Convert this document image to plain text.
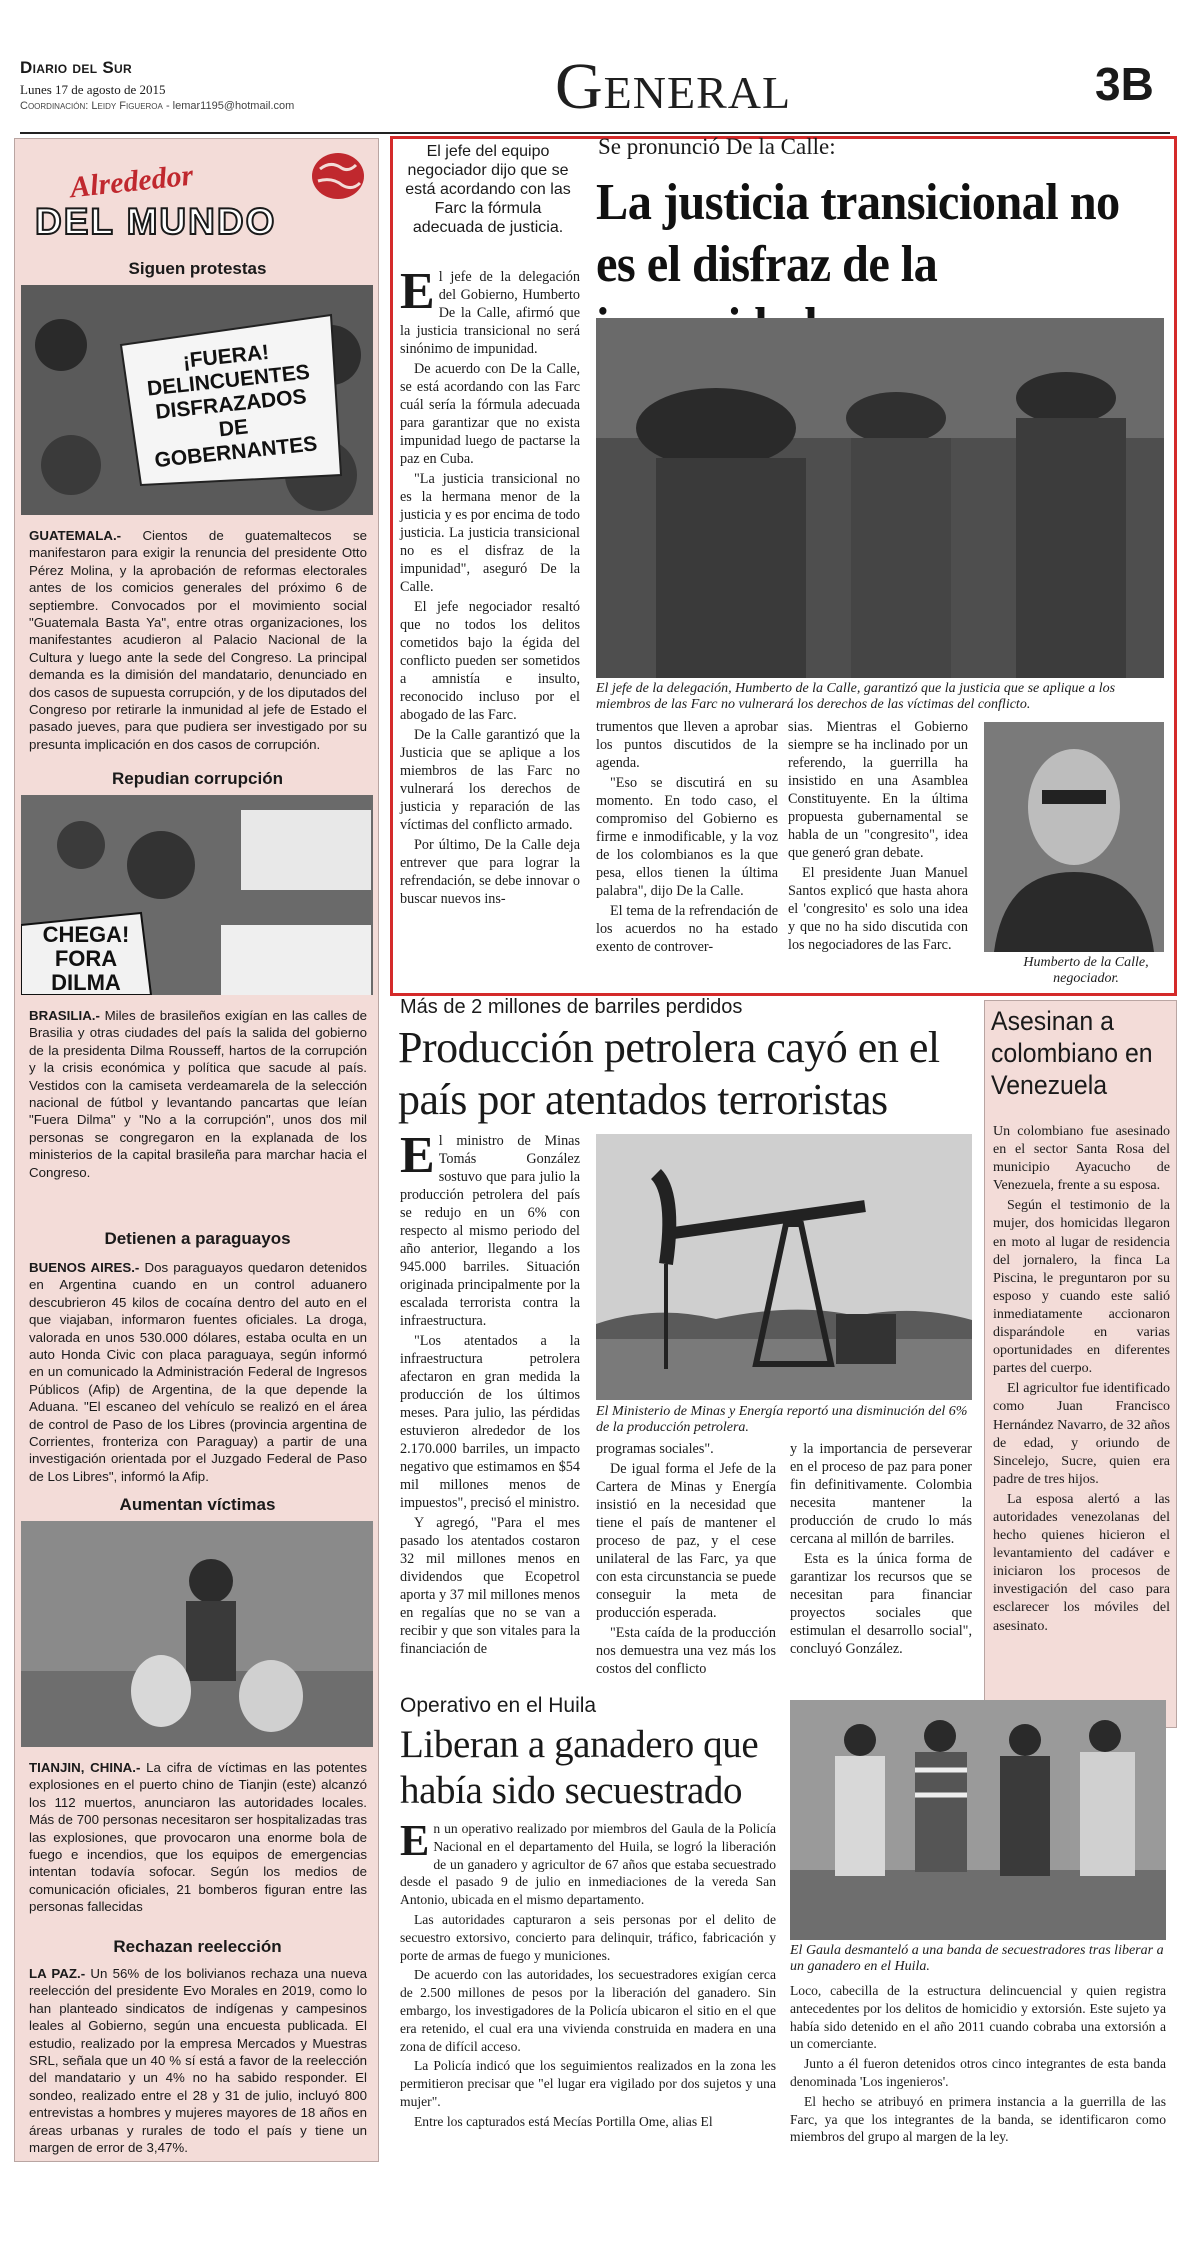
Diario del Sur
Lunes 17 de agosto de 2015
Coordinación: Leidy Figueroa - lemar1195@hotmail.com	General	3B
Alrededor
DEL MUNDO
Siguen protestas
¡FUERA! DELINCUENTES DISFRAZADOS DE GOBERNANTES
GUATEMALA.- Cientos de guatemaltecos se manifestaron para exigir la renuncia del presidente Otto Pérez Molina, y la aprobación de reformas electorales antes de los comicios generales del próximo 6 de septiembre. Convocados por el movimiento social "Guatemala Basta Ya", entre otras organizaciones, los manifestantes acudieron al Palacio Nacional de la Cultura y luego ante la sede del Congreso. La principal demanda es la dimisión del mandatario, denunciado en dos casos de supuesta corrupción, y de los diputados del Congreso por retirarle la inmunidad al jefe de Estado el pasado jueves, para que pudiera ser investigado por su presunta implicación en dos casos de corrupción.
Repudian corrupción
CHEGA! FORA DILMA
BRASILIA.- Miles de brasileños exigían en las calles de Brasilia y otras ciudades del país la salida del gobierno de la presidenta Dilma Rousseff, hartos de la corrupción y la crisis económica y política que sacude al país. Vestidos con la camiseta verdeamarela de la selección nacional de fútbol y levantando pancartas que leían "Fuera Dilma" y "No a la corrupción", unos dos mil personas se congregaron en la explanada de los ministerios de la capital brasileña para marchar hacia el Congreso.
Detienen a paraguayos
BUENOS AIRES.- Dos paraguayos quedaron detenidos en Argentina cuando en un control aduanero descubrieron 45 kilos de cocaína dentro del auto en el que viajaban, informaron fuentes oficiales. La droga, valorada en unos 530.000 dólares, estaba oculta en un auto Honda Civic con placa paraguaya, según informó en un comunicado la Administración Federal de Ingresos Públicos (Afip) de Argentina, de la que depende la Aduana. "El escaneo del vehículo se realizó en el área de control de Paso de los Libres (provincia argentina de Corrientes, fronteriza con Paraguay) a partir de una investigación orientada por el Juzgado Federal de Paso de Los Libres", informó la Afip.
Aumentan víctimas
TIANJIN, CHINA.- La cifra de víctimas en las potentes explosiones en el puerto chino de Tianjin (este) alcanzó los 112 muertos, anunciaron las autoridades locales. Más de 700 personas necesitaron ser hospitalizadas tras las explosiones, que provocaron una enorme bola de fuego e incendios, que los equipos de emergencias intentan todavía sofocar. Según los medios de comunicación oficiales, 21 bomberos figuran entre las personas fallecidas
Rechazan reelección
LA PAZ.- Un 56% de los bolivianos rechaza una nueva reelección del presidente Evo Morales en 2019, como lo han planteado sindicatos de indígenas y campesinos leales al Gobierno, según una encuesta publicada. El estudio, realizado por la empresa Mercados y Muestras SRL, señala que un 40 % sí está a favor de la reelección del mandatario y un 4% no ha sabido responder. El sondeo, realizado entre el 28 y 31 de julio, incluyó 800 entrevistas a hombres y mujeres mayores de 18 años en áreas urbanas y rurales de todo el país y tiene un margen de error de 3,47%.
El jefe del equipo negociador dijo que se está acordando con las Farc la fórmula adecuada de justicia.
Se pronunció De la Calle:
La justicia transicional no es el disfraz de la

El jefe de la delegación del Gobierno, Humberto De la Calle, afirmó que la justicia transicional no será sinónimo de impunidad.

De acuerdo con De la Calle, se está acordando con las Farc cuál sería la fórmula adecuada para garantizar que no exista impunidad luego de pactarse la paz en Cuba.

"La justicia transicional no es la hermana menor de la justicia y es por encima de todo justicia. La justicia transicional no es el disfraz de la impunidad", aseguró De la Calle.

El jefe negociador resaltó que no todos los delitos cometidos bajo la égida del conflicto pueden ser sometidos a amnistía e insulto, reconocido incluso por el abogado de las Farc.

De la Calle garantizó que la Justicia que se aplique a los miembros de las Farc no vulnerará los derechos de justicia y reparación de las víctimas del conflicto armado.

Por último, De la Calle deja entrever que para lograr la refrendación, se debe innovar o buscar nuevos ins-

El jefe de la delegación, Humberto de la Calle, garantizó que la justicia que se aplique a los miembros de las Farc no vulnerará los derechos de las víctimas del conflicto.

trumentos que lleven a aprobar los puntos discutidos de la agenda.

"Eso se discutirá en su momento. En todo caso, el compromiso del Gobierno es firme e inmodificable, y la voz de los colombianos es la que pesa, ellos tienen la última palabra", dijo De la Calle.

El tema de la refrendación de los acuerdos no ha estado exento de controver-

sias. Mientras el Gobierno siempre se ha inclinado por un referendo, la guerrilla ha insistido en una Asamblea Constituyente. En la última propuesta gubernamental se habla de un "congresito", idea que generó gran debate.

El presidente Juan Manuel Santos explicó que hasta ahora el 'congresito' es solo una idea y que no ha sido discutida con los negociadores de las Farc.

Humberto de la Calle, negociador.
Más de 2 millones de barriles perdidos
Producción petrolera cayó en el país por atentados terroristas

El ministro de Minas Tomás González sostuvo que para julio la producción petrolera del país se redujo en un 6% con respecto al mismo periodo del año anterior, llegando a los 945.000 barriles. Situación originada principalmente por la escalada terrorista contra la infraestructura.

"Los atentados a la infraestructura petrolera afectaron en gran medida la producción de los últimos meses. Para julio, las pérdidas estuvieron alrededor de los 2.170.000 barriles, un impacto negativo que estimamos en $54 mil millones menos de impuestos", precisó el ministro.

Y agregó, "Para el mes pasado los atentados costaron 32 mil millones menos en dividendos que Ecopetrol aporta y 37 mil millones menos en regalías que no se van a recibir y que son vitales para la financiación de

El Ministerio de Minas y Energía reportó una disminución del 6% de la producción petrolera.

programas sociales".

De igual forma el Jefe de la Cartera de Minas y Energía insistió en la necesidad que tiene el país de mantener el proceso de paz, y el cese unilateral de las Farc, ya que con esta circunstancia se puede conseguir la meta de producción esperada.

"Esta caída de la producción nos demuestra una vez más los costos del conflicto

y la importancia de perseverar en el proceso de paz para poner fin definitivamente. Colombia necesita mantener la producción de crudo lo más cercana al millón de barriles.

Esta es la única forma de garantizar los recursos que se necesitan para financiar proyectos sociales que estimulan el desarrollo social", concluyó González.

Asesinan a colombiano en Venezuela

Un colombiano fue asesinado en el sector Santa Rosa del municipio Ayacucho de Venezuela, frente a su esposa.

Según el testimonio de la mujer, dos homicidas llegaron en moto al lugar de residencia del jornalero, la finca La Piscina, le preguntaron por su esposo y cuando este salió inmediatamente accionaron disparándole en varias oportunidades en diferentes partes del cuerpo.

El agricultor fue identificado como Juan Francisco Hernández Navarro, de 32 años de edad, y oriundo de Sincelejo, Sucre, quien era padre de tres hijos.

La esposa alertó a las autoridades venezolanas del hecho quienes hicieron el levantamiento del cadáver e iniciaron los procesos de investigación del caso para esclarecer los móviles del asesinato.

Operativo en el Huila
Liberan a ganadero que había sido secuestrado

En un operativo realizado por miembros del Gaula de la Policía Nacional en el departamento del Huila, se logró la liberación de un ganadero y agricultor de 67 años que estaba secuestrado desde el pasado 9 de julio en inmediaciones de la vereda San Antonio, ubicada en el mismo departamento.

Las autoridades capturaron a seis personas por el delito de secuestro extorsivo, concierto para delinquir, tráfico, fabricación y porte de armas de fuego y municiones.

De acuerdo con las autoridades, los secuestradores exigían cerca de 2.500 millones de pesos por la liberación del ganadero. Sin embargo, los investigadores de la Policía ubicaron el sitio en el que era retenido, el cual era una vivienda construida en madera en una zona de difícil acceso.

La Policía indicó que los seguimientos realizados en la zona les permitieron precisar que "el lugar era vigilado por dos sujetos y una mujer".

Entre los capturados está Mecías Portilla Ome, alias El

El Gaula desmanteló a una banda de secuestradores tras liberar a un ganadero en el Huila.

Loco, cabecilla de la estructura delincuencial y quien registra antecedentes por los delitos de homicidio y extorsión. Este sujeto ya había sido detenido en el año 2011 cuando cobraba una extorsión a un comerciante.

Junto a él fueron detenidos otros cinco integrantes de esta banda denominada 'Los ingenieros'.

El hecho se atribuyó en primera instancia a la guerrilla de las Farc, ya que los integrantes de la banda, se identificaron como miembros del grupo al margen de la ley.
